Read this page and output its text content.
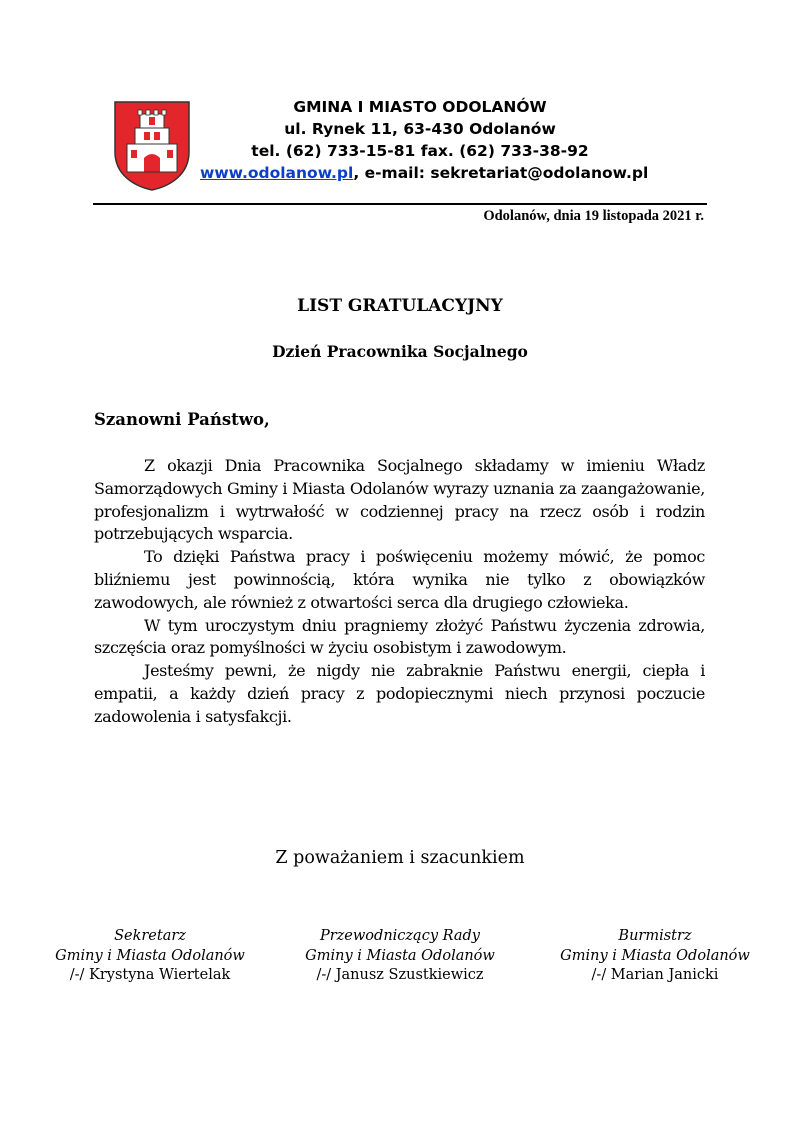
GMINA I MIASTO ODOLANÓW
ul. Rynek 11, 63-430 Odolanów
tel. (62) 733-15-81 fax. (62) 733-38-92
www.odolanow.pl, e-mail: sekretariat@odolanow.pl
Odolanów, dnia 19 listopada 2021 r.
LIST GRATULACYJNY
Dzień Pracownika Socjalnego
Szanowni Państwo,

Z okazji Dnia Pracownika Socjalnego składamy w imieniu Władz Samorządowych Gminy i Miasta Odolanów wyrazy uznania za zaangażowanie, profesjonalizm i wytrwałość w codziennej pracy na rzecz osób i rodzin potrzebujących wsparcia.

To dzięki Państwa pracy i poświęceniu możemy mówić, że pomoc bliźniemu jest powinnością, która wynika nie tylko z obowiązków zawodowych, ale również z otwartości serca dla drugiego człowieka.

W tym uroczystym dniu pragniemy złożyć Państwu życzenia zdrowia, szczęścia oraz pomyślności w życiu osobistym i zawodowym.

Jesteśmy pewni, że nigdy nie zabraknie Państwu energii, ciepła i empatii, a każdy dzień pracy z podopiecznymi niech przynosi poczucie zadowolenia i satysfakcji.

Z poważaniem i szacunkiem
Sekretarz
Gminy i Miasta Odolanów
/-/ Krystyna Wiertelak
Przewodniczący Rady
Gminy i Miasta Odolanów
/-/ Janusz Szustkiewicz
Burmistrz
Gminy i Miasta Odolanów
/-/ Marian Janicki
